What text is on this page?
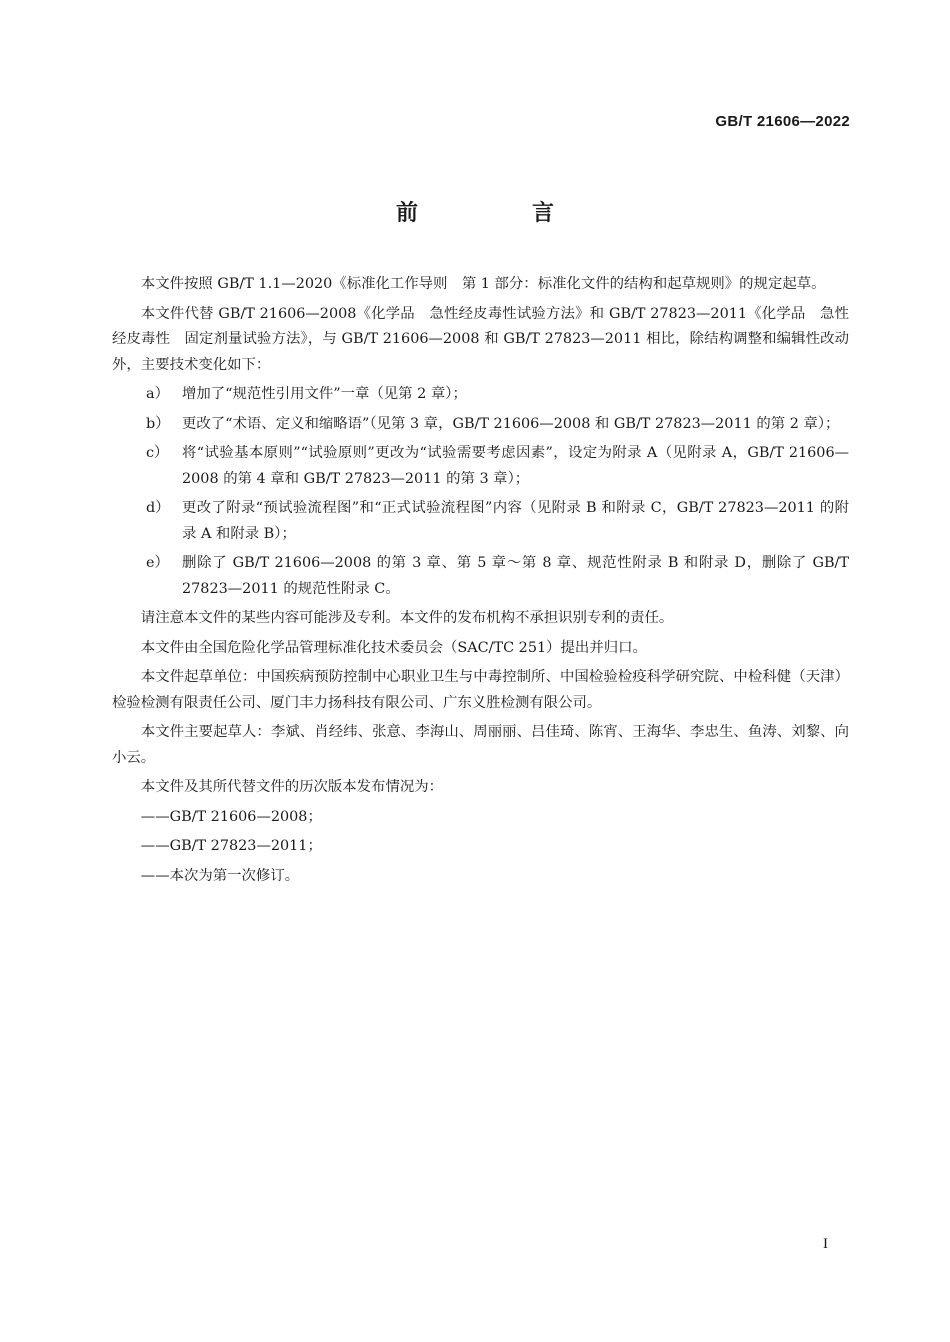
GB/T 21606—2022
前　言

本文件按照 GB/T 1.1—2020《标准化工作导则　第 1 部分：标准化文件的结构和起草规则》的规定起草。

本文件代替 GB/T 21606—2008《化学品　急性经皮毒性试验方法》和 GB/T 27823—2011《化学品　急性经皮毒性　固定剂量试验方法》，与 GB/T 21606—2008 和 GB/T 27823—2011 相比，除结构调整和编辑性改动外，主要技术变化如下：

a） 增加了“规范性引用文件”一章（见第 2 章）；
b） 更改了“术语、定义和缩略语”（见第 3 章，GB/T 21606—2008 和 GB/T 27823—2011 的第 2 章）；
c） 将“试验基本原则”“试验原则”更改为“试验需要考虑因素”，设定为附录 A（见附录 A，GB/T 21606—2008 的第 4 章和 GB/T 27823—2011 的第 3 章）；
d） 更改了附录“预试验流程图”和“正式试验流程图”内容（见附录 B 和附录 C，GB/T 27823—2011 的附录 A 和附录 B）；
e） 删除了 GB/T 21606—2008 的第 3 章、第 5 章～第 8 章、规范性附录 B 和附录 D，删除了 GB/T 27823—2011 的规范性附录 C。

请注意本文件的某些内容可能涉及专利。本文件的发布机构不承担识别专利的责任。

本文件由全国危险化学品管理标准化技术委员会（SAC/TC 251）提出并归口。

本文件起草单位：中国疾病预防控制中心职业卫生与中毒控制所、中国检验检疫科学研究院、中检科健（天津）检验检测有限责任公司、厦门丰力扬科技有限公司、广东义胜检测有限公司。

本文件主要起草人：李斌、肖经纬、张意、李海山、周丽丽、吕佳琦、陈宵、王海华、李忠生、鱼涛、刘黎、向小云。

本文件及其所代替文件的历次版本发布情况为：

——GB/T 21606—2008；
——GB/T 27823—2011；
——本次为第一次修订。
I
